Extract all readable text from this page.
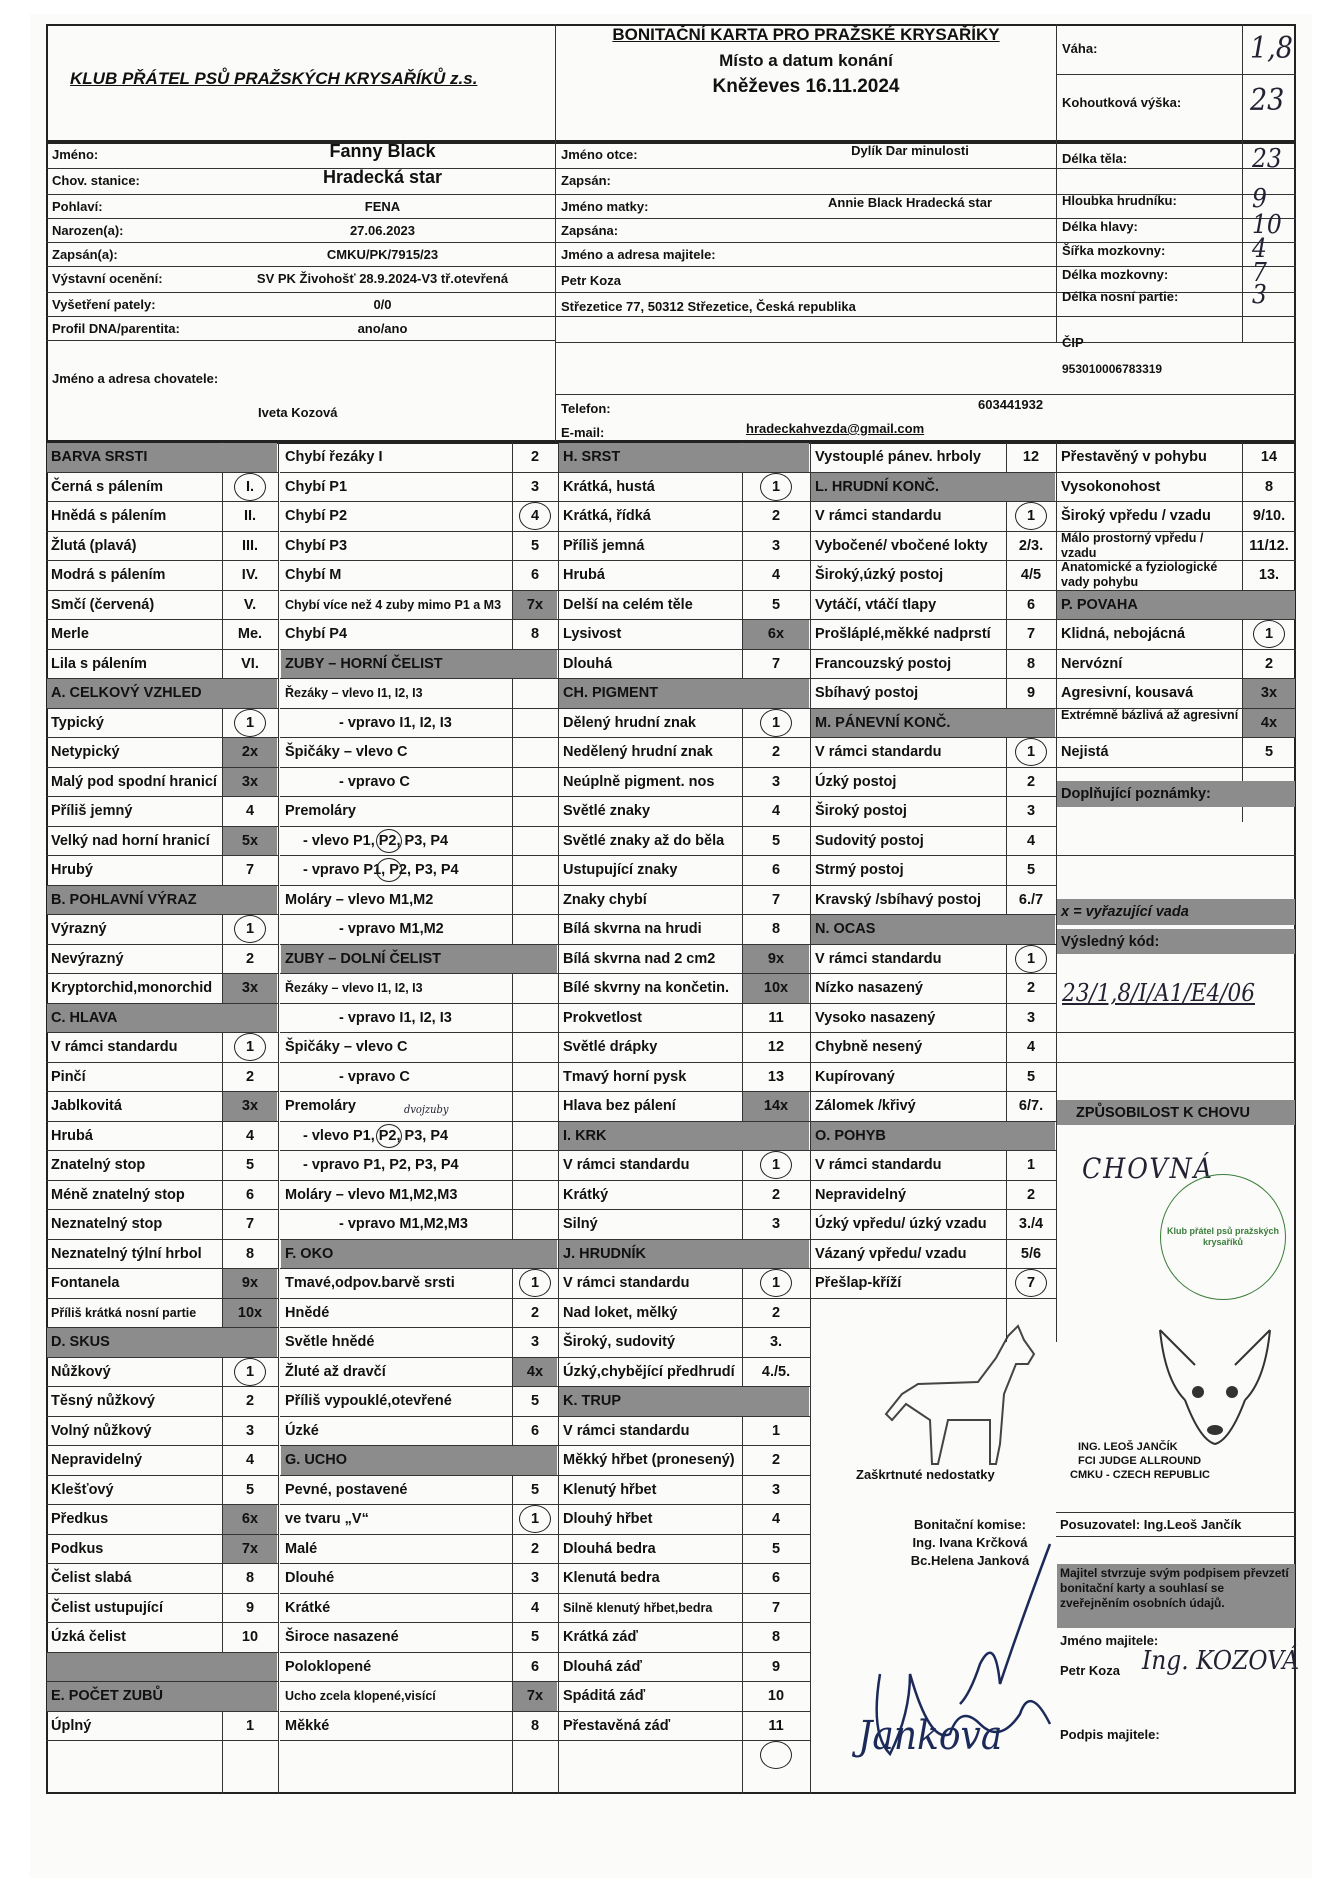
KLUB PŘÁTEL PSŮ PRAŽSKÝCH KRYSAŘÍKŮ z.s.
BONITAČNÍ KARTA PRO PRAŽSKÉ KRYSAŘÍKY
Místo a datum konání
Kněževes 16.11.2024
Váha:	1,8
Kohoutková výška: 23
Zaškrtnuté nedostatky
ING. LEOŠ JANČÍK
FCI JUDGE ALLROUND
CMKU - CZECH REPUBLIC
Bonitační komise:
Ing. Ivana Krčková
Bc.Helena Janková
Jméno:	Fanny Black
Chov. stanice:	Hradecká star
Pohlaví:	FENA
Narozen(a):	27.06.2023
Zapsán(a):	CMKU/PK/7915/23
Výstavní ocenění:	SV PK Živohošť 28.9.2024-V3 tř.otevřená
Vyšetření pately:	0/0
Profil DNA/parentita:	ano/ano
Jméno a adresa chovatele:
Iveta Kozová
Jméno otce:	Dylík Dar minulosti
Zapsán:
Jméno matky:	Annie Black Hradecká star
Zapsána:
Jméno a adresa majitele:
Petr Koza
Střezetice 77, 50312 Střezetice, Česká republika
Telefon:	603441932
E-mail:	hradeckahvezda@gmail.com
Délka těla:	23
Hloubka hrudníku:	9
Délka hlavy:	10
Šířka mozkovny:	4
Délka mozkovny:	7
Délka nosní partie:	3
ČIP
953010006783319
BARVA SRSTI
Černá s pálením	I.
Hnědá s pálením	II.
Žlutá (plavá)	III.
Modrá s pálením	IV.
Smčí (červená)	V.
Merle	Me.
Lila s pálením	VI.
A. CELKOVÝ VZHLED
Typický	1
Netypický	2x
Malý pod spodní hranicí	3x
Příliš jemný	4
Velký nad horní hranicí	5x
Hrubý	7
B. POHLAVNÍ VÝRAZ
Výrazný	1
Nevýrazný	2
Kryptorchid,monorchid	3x
C. HLAVA
V rámci standardu	1
Pinčí	2
Jablkovitá	3x
Hrubá	4
Znatelný stop	5
Méně znatelný stop	6
Neznatelný stop	7
Neznatelný týlní hrbol	8
Fontanela	9x
Příliš krátká nosní partie	10x
D. SKUS
Nůžkový	1
Těsný nůžkový	2
Volný nůžkový	3
Nepravidelný	4
Klešťový	5
Předkus	6x
Podkus	7x
Čelist slabá	8
Čelist ustupující	9
Úzká čelist	10
E. POČET ZUBŮ
Úplný	1
Chybí řezáky I	2
Chybí P1	3
Chybí P2	4
Chybí P3	5
Chybí M	6
Chybí více než 4 zuby mimo P1 a M3	7x
Chybí P4	8
ZUBY – HORNÍ ČELIST
Řezáky – vlevo I1, I2, I3
- vpravo I1, I2, I3
Špičáky – vlevo C
- vpravo C
Premoláry
- vlevo P1, P2, P3, P4
- vpravo P1, P2, P3, P4
Moláry – vlevo M1,M2
- vpravo M1,M2
ZUBY – DOLNÍ ČELIST
Řezáky – vlevo I1, I2, I3
- vpravo I1, I2, I3
Špičáky – vlevo C
- vpravo C
Premoláry
- vlevo P1, P2, P3, P4
- vpravo P1, P2, P3, P4
Moláry – vlevo M1,M2,M3
- vpravo M1,M2,M3
F. OKO
Tmavé,odpov.barvě srsti	1
Hnědé	2
Světle hnědé	3
Žluté až dravčí	4x
Příliš vypouklé,otevřené	5
Úzké	6
G. UCHO
Pevné, postavené	5
ve tvaru „V“	1
Malé	2
Dlouhé	3
Krátké	4
Široce nasazené	5
Poloklopené	6
Ucho zcela klopené,visící	7x
Měkké	8
H. SRST
Krátká, hustá	1
Krátká, řídká	2
Příliš jemná	3
Hrubá	4
Delší na celém těle	5
Lysivost	6x
Dlouhá	7
CH. PIGMENT
Dělený hrudní znak	1
Nedělený hrudní znak	2
Neúplně pigment. nos	3
Světlé znaky	4
Světlé znaky až do běla	5
Ustupující znaky	6
Znaky chybí	7
Bílá skvrna na hrudi	8
Bílá skvrna nad 2 cm2	9x
Bílé skvrny na končetin.	10x
Prokvetlost	11
Světlé drápky	12
Tmavý horní pysk	13
Hlava bez pálení	14x
I. KRK
V rámci standardu	1
Krátký	2
Silný	3
J. HRUDNÍK
V rámci standardu	1
Nad loket, mělký	2
Široký, sudovitý	3.
Úzký,chybějící předhrudí	4./5.
K. TRUP
V rámci standardu	1
Měkký hřbet (pronesený)	2
Klenutý hřbet	3
Dlouhý hřbet	4
Dlouhá bedra	5
Klenutá bedra	6
Silně klenutý hřbet,bedra	7
Krátká záď	8
Dlouhá záď	9
Spáditá záď	10
Přestavěná záď	11
Vystouplé pánev. hrboly	12
L. HRUDNÍ KONČ.
V rámci standardu	1
Vybočené/ vbočené lokty	2/3.
Široký,úzký postoj	4/5
Vytáčí, vtáčí tlapy	6
Prošláplé,měkké nadprstí	7
Francouzský postoj	8
Sbíhavý postoj	9
M. PÁNEVNÍ KONČ.
V rámci standardu	1
Úzký postoj	2
Široký postoj	3
Sudovitý postoj	4
Strmý postoj	5
Kravský /sbíhavý postoj	6./7
N. OCAS
V rámci standardu	1
Nízko nasazený	2
Vysoko nasazený	3
Chybně nesený	4
Kupírovaný	5
Zálomek /křivý	6/7.
O. POHYB
V rámci standardu	1
Nepravidelný	2
Úzký vpředu/ úzký vzadu	3./4
Vázaný vpředu/ vzadu	5/6
Přešlap-kříží	7
Přestavěný v pohybu	14
Vysokonohost	8
Široký vpředu / vzadu	9/10.
Málo prostorný vpředu / vzadu	11/12.
Anatomické a fyziologické vady pohybu	13.
P. POVAHA
Klidná, nebojácná	1
Nervózní	2
Agresivní, kousavá	3x
Extrémně bázlivá až agresivní	4x
Nejistá	5
Doplňující poznámky:
x = vyřazující vada
Výsledný kód:
23/1,8/I/A1/E4/06
ZPŮSOBILOST K CHOVU
CHOVNÁ
Posuzovatel: Ing.Leoš Jančík
Majitel stvrzuje svým podpisem převzetí bonitační karty a souhlasí se zveřejněním osobních údajů.
Jméno majitele:
Petr Koza Ing. KOZOVÁ
Podpis majitele:
Jankova
Klub přátel psů pražských krysaříků
dvojzuby
